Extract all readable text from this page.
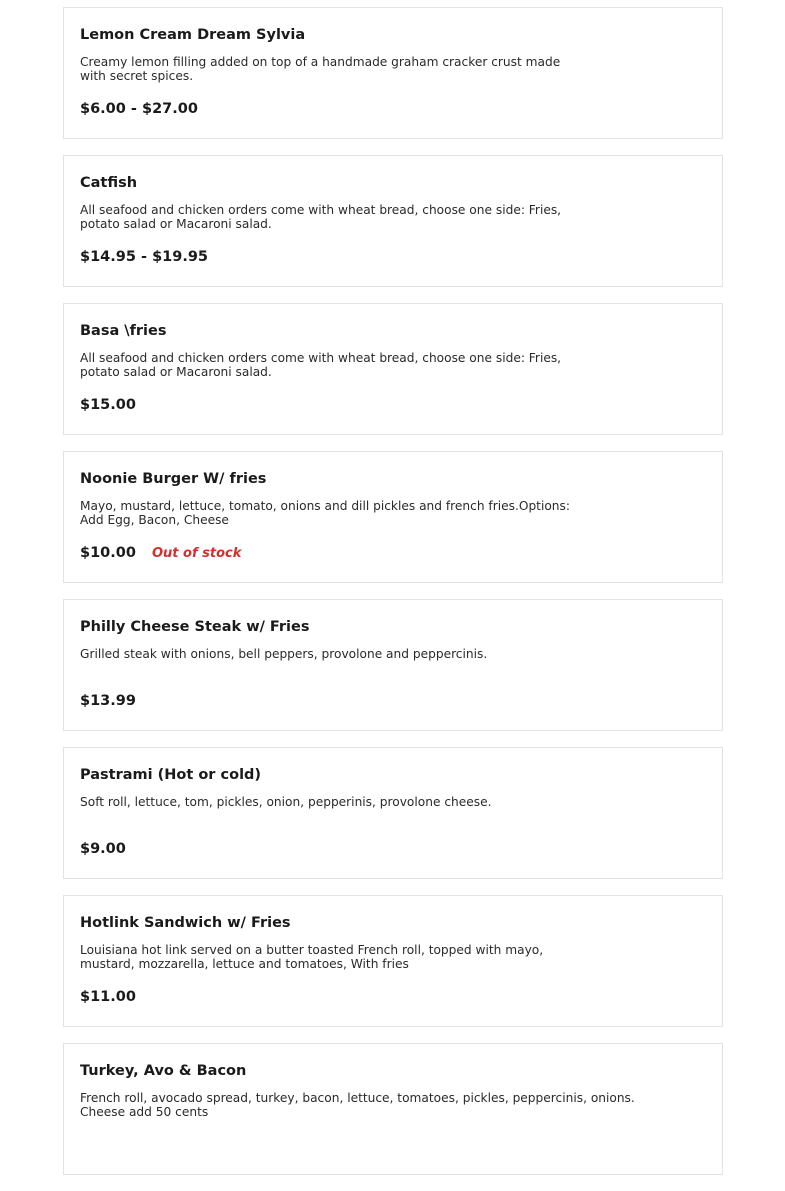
Lemon Cream Dream Sylvia
Creamy lemon filling added on top of a handmade graham cracker crust made with secret spices.
$6.00 - $27.00
Catfish
All seafood and chicken orders come with wheat bread, choose one side: Fries, potato salad or Macaroni salad.
$14.95 - $19.95
Basa \fries
All seafood and chicken orders come with wheat bread, choose one side: Fries, potato salad or Macaroni salad.
$15.00
Noonie Burger W/ fries
Mayo, mustard, lettuce, tomato, onions and dill pickles and french fries.Options: Add Egg, Bacon, Cheese
$10.00 Out of stock
Philly Cheese Steak w/ Fries
Grilled steak with onions, bell peppers, provolone and peppercinis.
$13.99
Pastrami (Hot or cold)
Soft roll, lettuce, tom, pickles, onion, pepperinis, provolone cheese.
$9.00
Hotlink Sandwich w/ Fries
Louisiana hot link served on a butter toasted French roll, topped with mayo, mustard, mozzarella, lettuce and tomatoes, With fries
$11.00
Turkey, Avo & Bacon
French roll, avocado spread, turkey, bacon, lettuce, tomatoes, pickles, peppercinis, onions. Cheese add 50 cents
